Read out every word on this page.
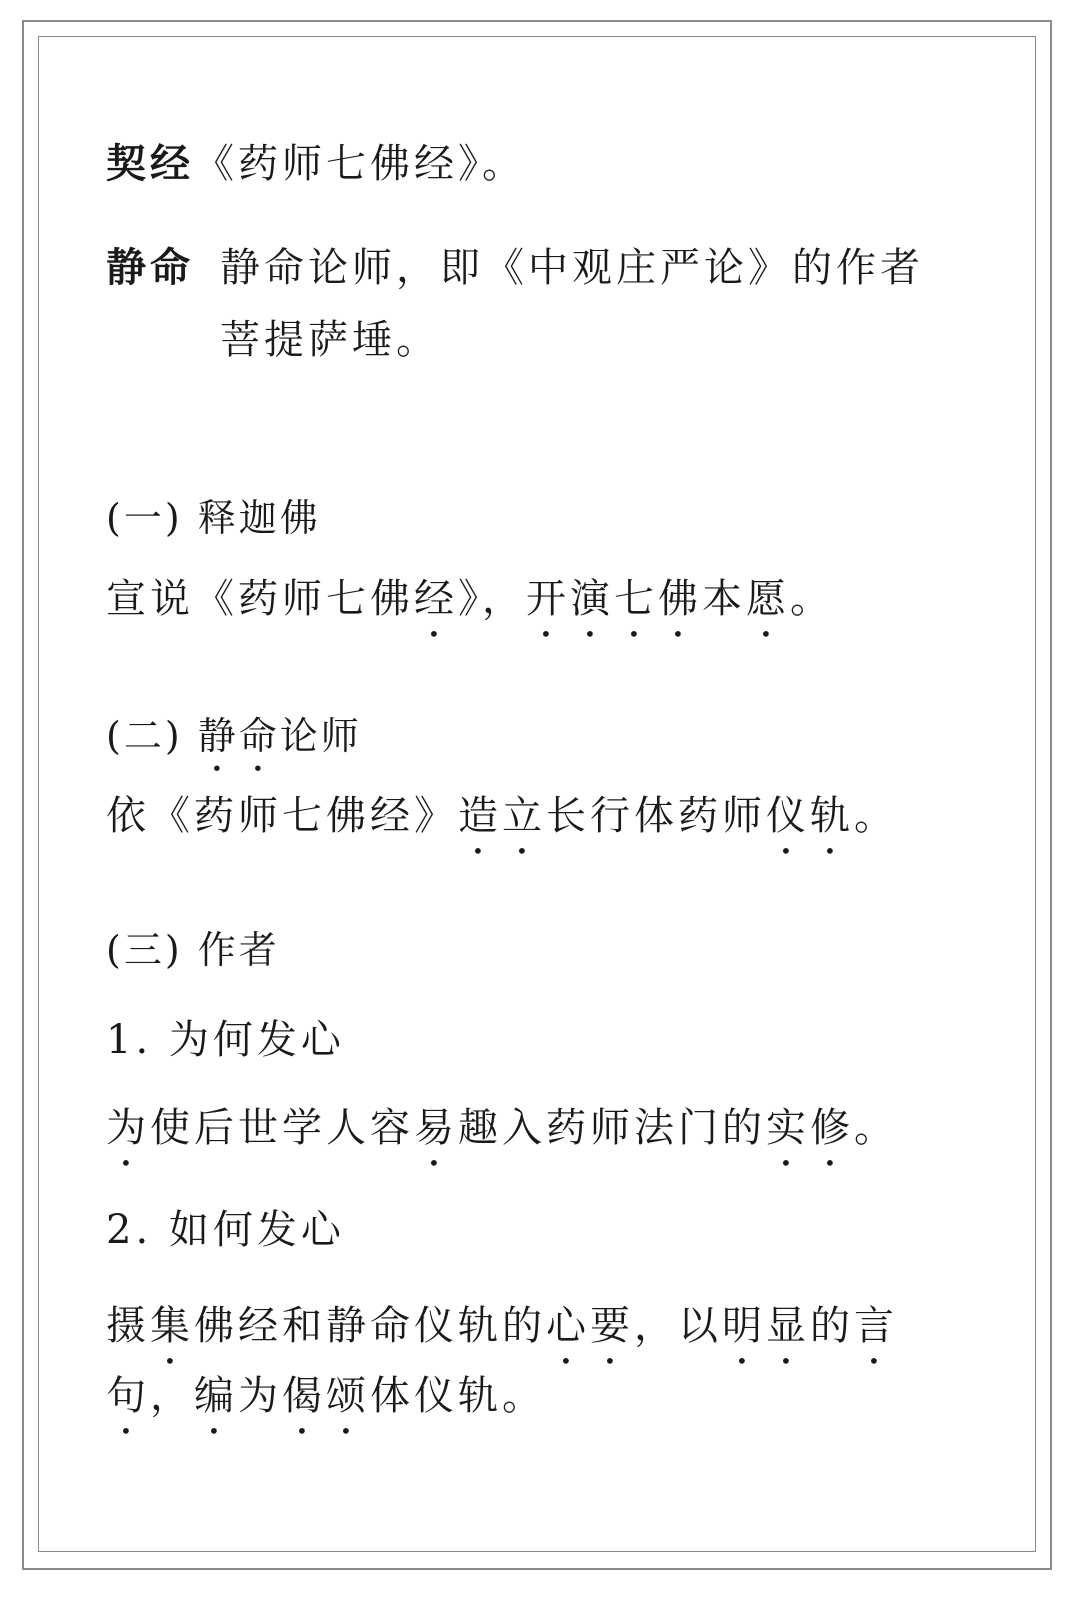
契经《药师七佛经》。
静命 静命论师，即《中观庄严论》的作者
菩提萨埵。
(一) 释迦佛
宣说《药师七佛经》，开演七佛本愿。
(二) 静命论师
依《药师七佛经》造立长行体药师仪轨。
(三) 作者
1. 为何发心
为使后世学人容易趣入药师法门的实修。
2. 如何发心
摄集佛经和静命仪轨的心要，以明显的言
句，编为偈颂体仪轨。
